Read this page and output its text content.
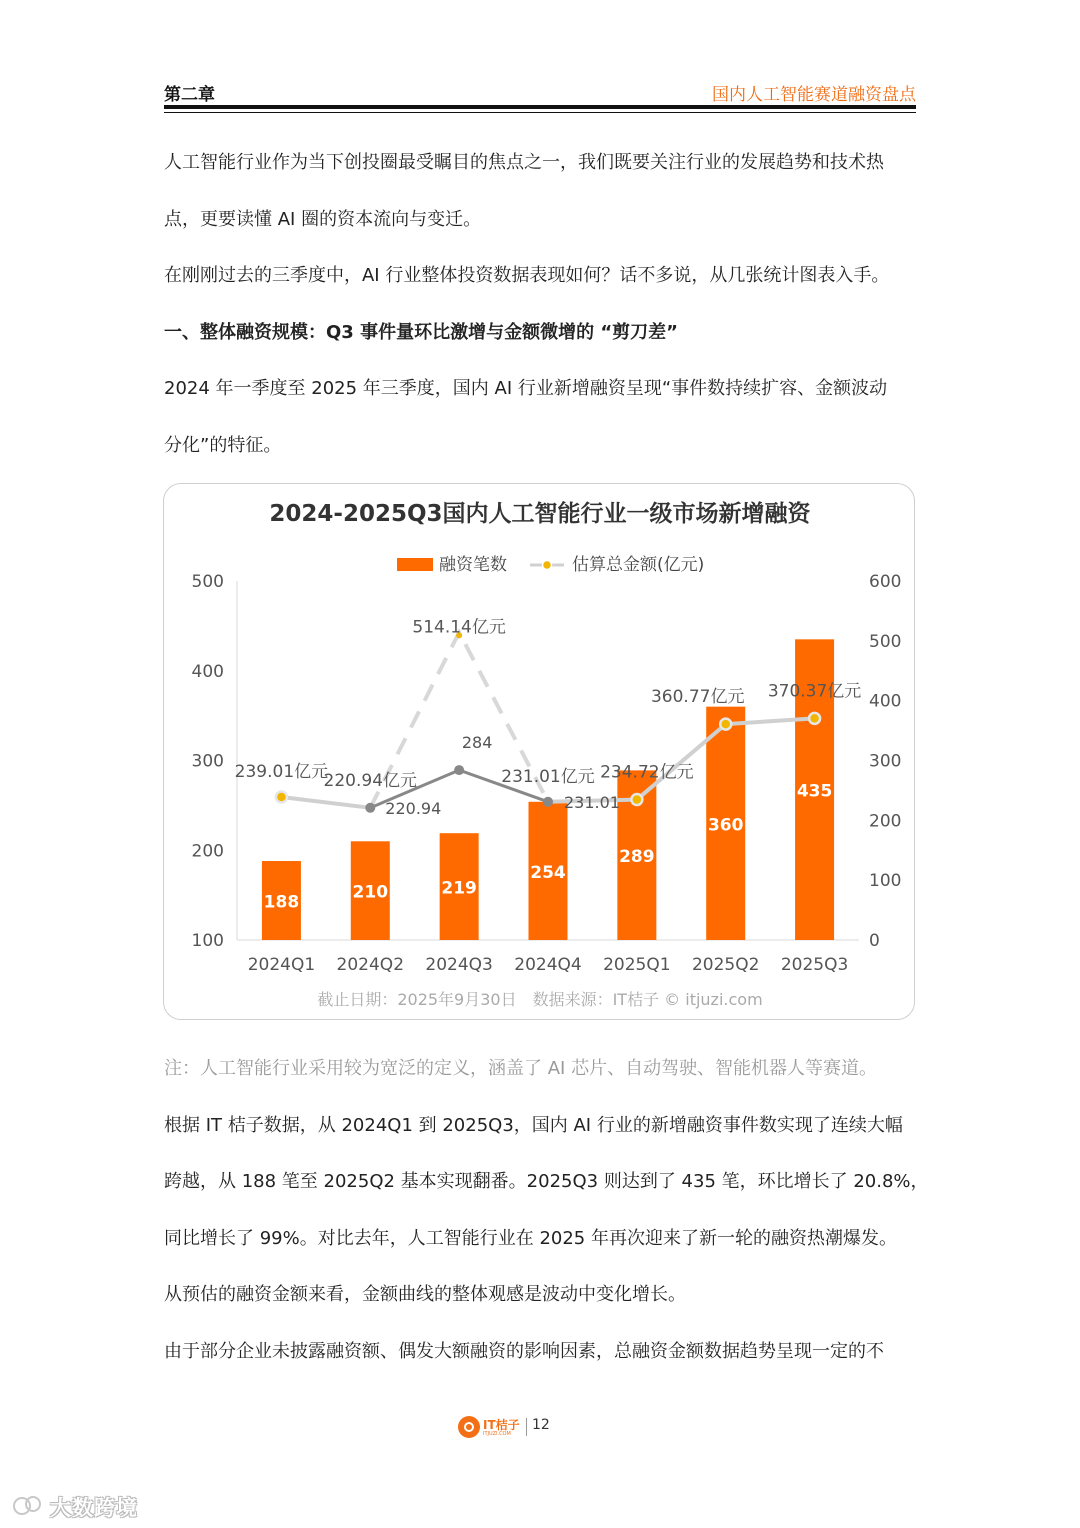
第二章	国内人工智能赛道融资盘点
人工智能行业作为当下创投圈最受瞩目的焦点之一，我们既要关注行业的发展趋势和技术热
点，更要读懂 AI 圈的资本流向与变迁。
在刚刚过去的三季度中，AI 行业整体投资数据表现如何？话不多说，从几张统计图表入手。
一、整体融资规模：Q3 事件量环比激增与金额微增的 “剪刀差”
2024 年一季度至 2025 年三季度，国内 AI 行业新增融资呈现“事件数持续扩容、金额波动
分化”的特征。
2024-2025Q3国内人工智能行业一级市场新增融资
融资笔数	估算总金额(亿元)
100
200
300
400
500
0
100
200
300
400
500
600
188	210	219
254
289
360
435
2024Q1 2024Q2 2024Q3 2024Q4 2025Q1 2025Q2 2025Q3
239.01亿元
220.94亿元
514.14亿元
231.01亿元 234.72亿元
360.77亿元 370.37亿元
220.94
284
231.01
截止日期：2025年9月30日　数据来源：IT桔子 © itjuzi.com
注：人工智能行业采用较为宽泛的定义，涵盖了 AI 芯片、自动驾驶、智能机器人等赛道。
根据 IT 桔子数据，从 2024Q1 到 2025Q3，国内 AI 行业的新增融资事件数实现了连续大幅
跨越，从 188 笔至 2025Q2 基本实现翻番。2025Q3 则达到了 435 笔，环比增长了 20.8%，
同比增长了 99%。对比去年，人工智能行业在 2025 年再次迎来了新一轮的融资热潮爆发。
从预估的融资金额来看，金额曲线的整体观感是波动中变化增长。
由于部分企业未披露融资额、偶发大额融资的影响因素，总融资金额数据趋势呈现一定的不
IT桔子
ITJUZI.COM
12
大数跨境
